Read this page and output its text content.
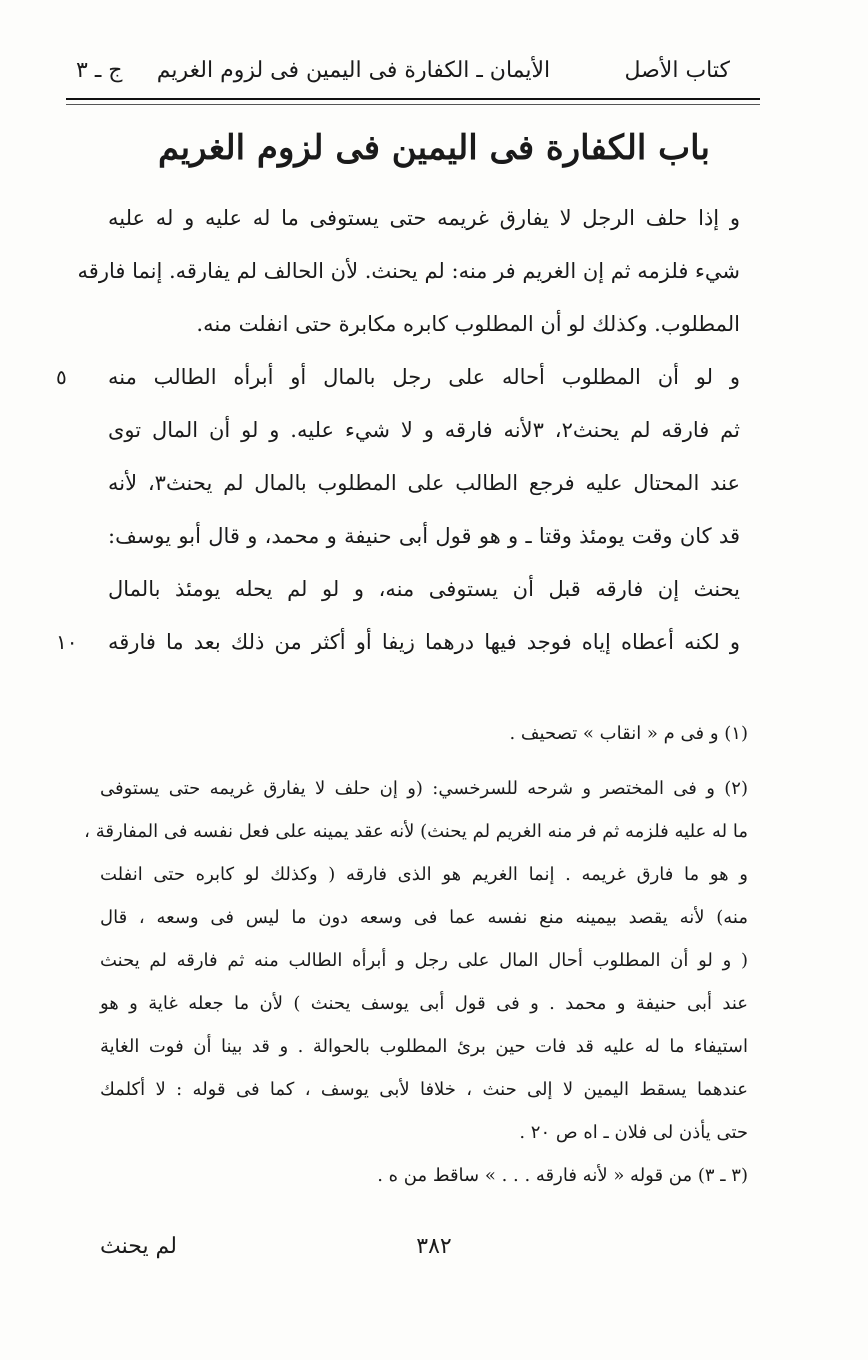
كتاب الأصل
الأيمان ـ الكفارة فى اليمين فى لزوم الغريم
ج ـ ٣
باب الكفارة فى اليمين فى لزوم الغريم
و إذا حلف الرجل لا يفارق غريمه حتى يستوفى ما له عليه و له عليه
شيء فلزمه ثم إن الغريم فر منه: لم يحنث. لأن الحالف لم يفارقه. إنما فارقه
المطلوب. وكذلك لو أن المطلوب كابره مكابرة حتى انفلت منه.
٥ و لو أن المطلوب أحاله على رجل بالمال أو أبرأه الطالب منه
ثم فارقه لم يحنث٢، ٣لأنه فارقه و لا شيء عليه. و لو أن المال توى
عند المحتال عليه فرجع الطالب على المطلوب بالمال لم يحنث٣، لأنه
قد كان وقت يومئذ وقتا ـ و هو قول أبى حنيفة و محمد، و قال أبو يوسف:
يحنث إن فارقه قبل أن يستوفى منه، و لو لم يحله يومئذ بالمال
١٠ و لكنه أعطاه إياه فوجد فيها درهما زيفا أو أكثر من ذلك بعد ما فارقه
(١) و فى م « انقاب » تصحيف .
(٢) و فى المختصر و شرحه للسرخسي: (و إن حلف لا يفارق غريمه حتى يستوفى
ما له عليه فلزمه ثم فر منه الغريم لم يحنث) لأنه عقد يمينه على فعل نفسه فى المفارقة ،
و هو ما فارق غريمه . إنما الغريم هو الذى فارقه ( وكذلك لو كابره حتى انفلت
منه) لأنه يقصد بيمينه منع نفسه عما فى وسعه دون ما ليس فى وسعه ، قال
( و لو أن المطلوب أحال المال على رجل و أبرأه الطالب منه ثم فارقه لم يحنث
عند أبى حنيفة و محمد . و فى قول أبى يوسف يحنث ) لأن ما جعله غاية و هو
استيفاء ما له عليه قد فات حين برئ المطلوب بالحوالة . و قد بينا أن فوت الغاية
عندهما يسقط اليمين لا إلى حنث ، خلافا لأبى يوسف ، كما فى قوله : لا أكلمك
حتى يأذن لى فلان ـ اه ص ٢٠ .
(٣ ـ ٣) من قوله « لأنه فارقه . . . » ساقط من ه .
٣٨٢
لم يحنث
